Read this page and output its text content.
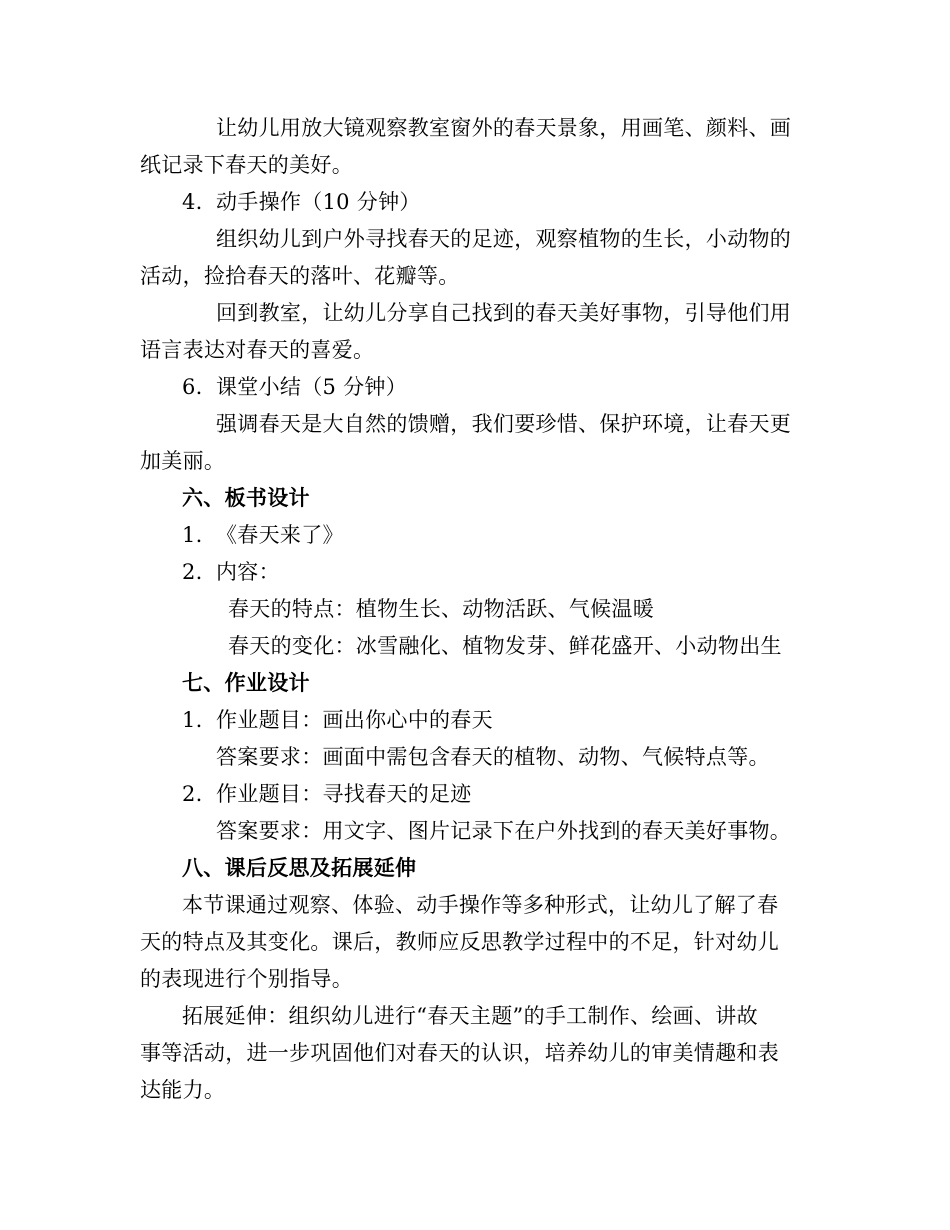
让幼儿用放大镜观察教室窗外的春天景象，用画笔、颜料、画
纸记录下春天的美好。
4. 动手操作（10 分钟）
组织幼儿到户外寻找春天的足迹，观察植物的生长，小动物的
活动，捡拾春天的落叶、花瓣等。
回到教室，让幼儿分享自己找到的春天美好事物，引导他们用
语言表达对春天的喜爱。
6. 课堂小结（5 分钟）
强调春天是大自然的馈赠，我们要珍惜、保护环境，让春天更
加美丽。
六、板书设计
1. 《春天来了》
2. 内容：
春天的特点：植物生长、动物活跃、气候温暖
春天的变化：冰雪融化、植物发芽、鲜花盛开、小动物出生
七、作业设计
1. 作业题目：画出你心中的春天
答案要求：画面中需包含春天的植物、动物、气候特点等。
2. 作业题目：寻找春天的足迹
答案要求：用文字、图片记录下在户外找到的春天美好事物。
八、课后反思及拓展延伸
本节课通过观察、体验、动手操作等多种形式，让幼儿了解了春
天的特点及其变化。课后，教师应反思教学过程中的不足，针对幼儿
的表现进行个别指导。
拓展延伸：组织幼儿进行“春天主题”的手工制作、绘画、讲故
事等活动，进一步巩固他们对春天的认识，培养幼儿的审美情趣和表
达能力。
